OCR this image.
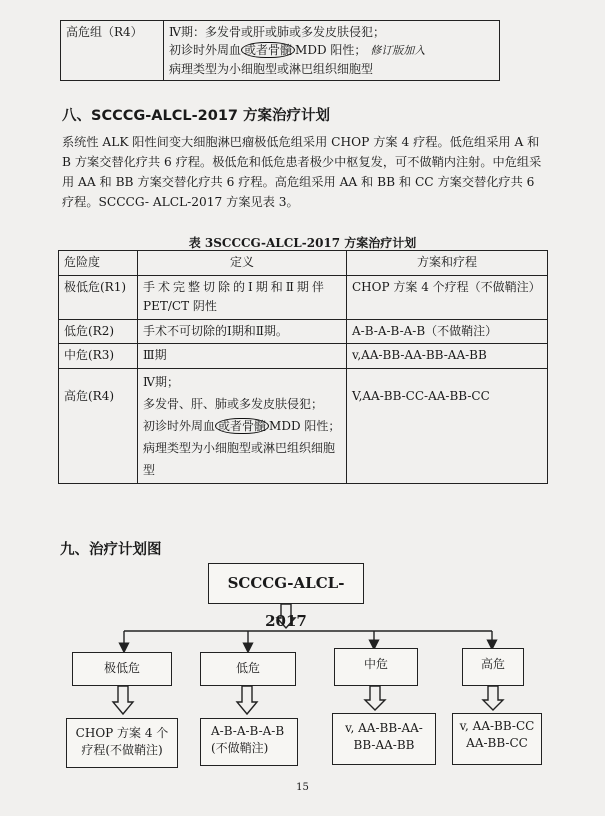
高危组（R4）	Ⅳ期：多发骨或肝或肺或多发皮肤侵犯；
初诊时外周血 或者骨髓 MDD 阳性； 修订版加入
病理类型为小细胞型或淋巴组织细胞型
八、SCCCG-ALCL-2017 方案治疗计划
系统性 ALK 阳性间变大细胞淋巴瘤极低危组采用 CHOP 方案 4 疗程。低危组采用 A 和 B 方案交替化疗共 6 疗程。极低危和低危患者极少中枢复发，可不做鞘内注射。中危组采用 AA 和 BB 方案交替化疗共 6 疗程。高危组采用 AA 和 BB 和 CC 方案交替化疗共 6 疗程。SCCCG- ALCL-2017 方案见表 3。
表 3SCCCG-ALCL-2017 方案治疗计划
危险度	定义	方案和疗程
极低危(R1)	手术完整切除的Ⅰ期和Ⅱ期伴
PET/CT 阴性	CHOP 方案 4 个疗程（不做鞘注）
低危(R2)	手术不可切除的Ⅰ期和Ⅱ期。	A-B-A-B-A-B（不做鞘注）
中危(R3)	Ⅲ期	v,AA-BB-AA-BB-AA-BB
高危(R4)	Ⅳ期；
多发骨、肝、肺或多发皮肤侵犯；
初诊时外周血 或者骨髓 MDD 阳性；
病理类型为小细胞型或淋巴组织细胞
型	V,AA-BB-CC-AA-BB-CC
九、治疗计划图
SCCCG-ALCL-2017
极低危	低危	中危	高危
CHOP 方案 4 个
疗程(不做鞘注)
A-B-A-B-A-B
(不做鞘注)
v, AA-BB-AA-
BB-AA-BB
v, AA-BB-CC
AA-BB-CC
15
